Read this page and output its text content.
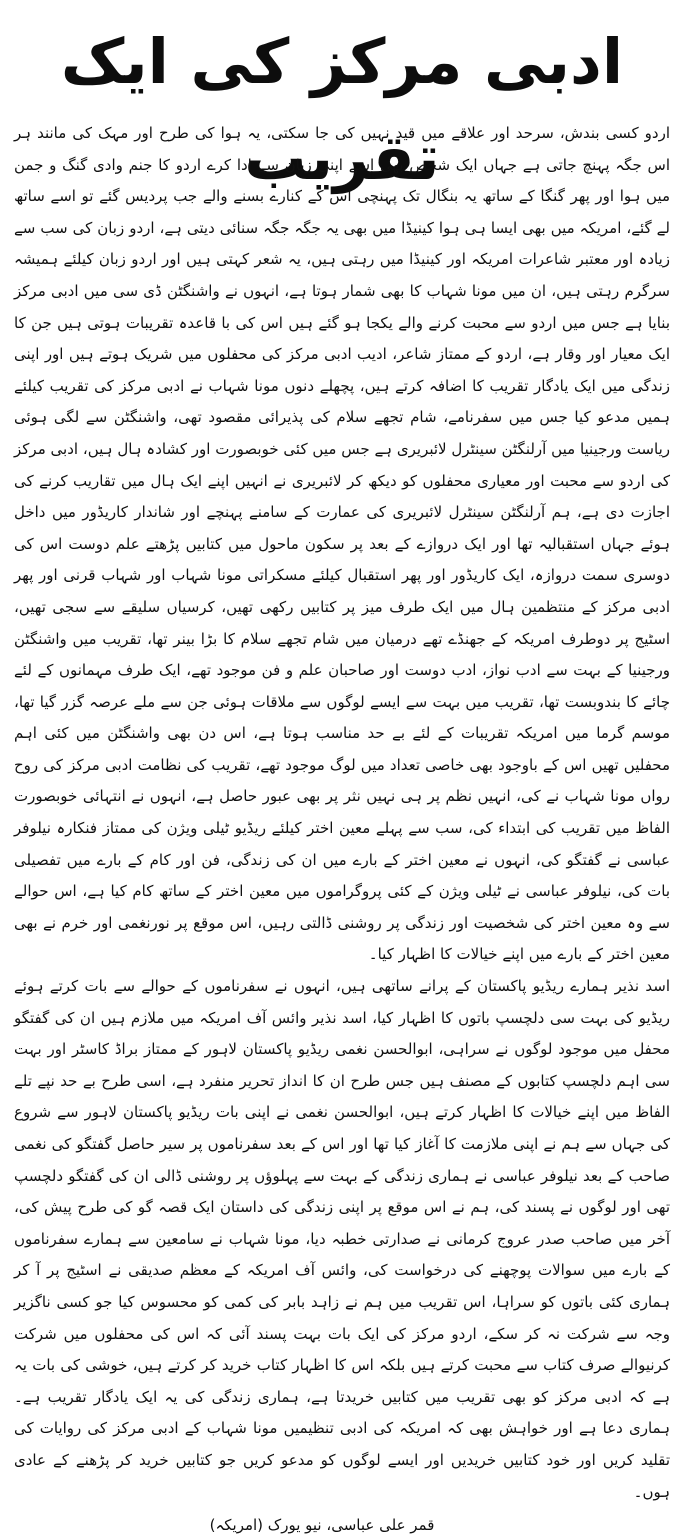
ادبی مرکز کی ایک تقریب

اردو کسی بندش، سرحد اور علاقے میں قید نہیں کی جا سکتی، یہ ہوا کی طرح اور مہک کی مانند ہر اس جگہ پہنچ جاتی ہے جہاں ایک شخص بھی اسے اپنی زبان سے ادا کرے اردو کا جنم وادی گنگ و جمن میں ہوا اور پھر گنگا کے ساتھ یہ بنگال تک پہنچی اس کے کنارے بسنے والے جب پردیس گئے تو اسے ساتھ لے گئے، امریکہ میں بھی ایسا ہی ہوا کینیڈا میں بھی یہ جگہ جگہ سنائی دیتی ہے، اردو زبان کی سب سے زیادہ اور معتبر شاعرات امریکہ اور کینیڈا میں رہتی ہیں، یہ شعر کہتی ہیں اور اردو زبان کیلئے ہمیشہ سرگرم رہتی ہیں، ان میں مونا شہاب کا بھی شمار ہوتا ہے، انہوں نے واشنگٹن ڈی سی میں ادبی مرکز بنایا ہے جس میں اردو سے محبت کرنے والے یکجا ہو گئے ہیں اس کی با قاعدہ تقریبات ہوتی ہیں جن کا ایک معیار اور وقار ہے، اردو کے ممتاز شاعر، ادیب ادبی مرکز کی محفلوں میں شریک ہوتے ہیں اور اپنی زندگی میں ایک یادگار تقریب کا اضافہ کرتے ہیں، پچھلے دنوں مونا شہاب نے ادبی مرکز کی تقریب کیلئے ہمیں مدعو کیا جس میں سفرنامے، شام تجھے سلام کی پذیرائی مقصود تھی، واشنگٹن سے لگی ہوئی ریاست ورجینیا میں آرلنگٹن سینٹرل لائبریری ہے جس میں کئی خوبصورت اور کشادہ ہال ہیں، ادبی مرکز کی اردو سے محبت اور معیاری محفلوں کو دیکھ کر لائبریری نے انہیں اپنے ایک ہال میں تقاریب کرنے کی اجازت دی ہے، ہم آرلنگٹن سینٹرل لائبریری کی عمارت کے سامنے پہنچے اور شاندار کاریڈور میں داخل ہوئے جہاں استقبالیہ تھا اور ایک دروازے کے بعد پر سکون ماحول میں کتابیں پڑھتے علم دوست اس کی دوسری سمت دروازہ، ایک کاریڈور اور پھر استقبال کیلئے مسکراتی مونا شہاب اور شہاب قرنی اور پھر ادبی مرکز کے منتظمین ہال میں ایک طرف میز پر کتابیں رکھی تھیں، کرسیاں سلیقے سے سجی تھیں، اسٹیج پر دوطرف امریکہ کے جھنڈے تھے درمیان میں شام تجھے سلام کا بڑا بینر تھا، تقریب میں واشنگٹن ورجینیا کے بہت سے ادب نواز، ادب دوست اور صاحبان علم و فن موجود تھے، ایک طرف مہمانوں کے لئے چائے کا بندوبست تھا، تقریب میں بہت سے ایسے لوگوں سے ملاقات ہوئی جن سے ملے عرصہ گزر گیا تھا، موسم گرما میں امریکہ تقریبات کے لئے بے حد مناسب ہوتا ہے، اس دن بھی واشنگٹن میں کئی اہم محفلیں تھیں اس کے باوجود بھی خاصی تعداد میں لوگ موجود تھے، تقریب کی نظامت ادبی مرکز کی روح رواں مونا شہاب نے کی، انہیں نظم پر ہی نہیں نثر پر بھی عبور حاصل ہے، انہوں نے انتہائی خوبصورت الفاظ میں تقریب کی ابتداء کی، سب سے پہلے معین اختر کیلئے ریڈیو ٹیلی ویژن کی ممتاز فنکارہ نیلوفر عباسی نے گفتگو کی، انہوں نے معین اختر کے بارے میں ان کی زندگی، فن اور کام کے بارے میں تفصیلی بات کی، نیلوفر عباسی نے ٹیلی ویژن کے کئی پروگراموں میں معین اختر کے ساتھ کام کیا ہے، اس حوالے سے وہ معین اختر کی شخصیت اور زندگی پر روشنی ڈالتی رہیں، اس موقع پر نورنغمی اور خرم نے بھی معین اختر کے بارے میں اپنے خیالات کا اظہار کیا۔

اسد نذیر ہمارے ریڈیو پاکستان کے پرانے ساتھی ہیں، انہوں نے سفرناموں کے حوالے سے بات کرتے ہوئے ریڈیو کی بہت سی دلچسپ باتوں کا اظہار کیا، اسد نذیر وائس آف امریکہ میں ملازم ہیں ان کی گفتگو محفل میں موجود لوگوں نے سراہی، ابوالحسن نغمی ریڈیو پاکستان لاہور کے ممتاز براڈ کاسٹر اور بہت سی اہم دلچسپ کتابوں کے مصنف ہیں جس طرح ان کا انداز تحریر منفرد ہے، اسی طرح بے حد نپے تلے الفاظ میں اپنے خیالات کا اظہار کرتے ہیں، ابوالحسن نغمی نے اپنی بات ریڈیو پاکستان لاہور سے شروع کی جہاں سے ہم نے اپنی ملازمت کا آغاز کیا تھا اور اس کے بعد سفرناموں پر سیر حاصل گفتگو کی نغمی صاحب کے بعد نیلوفر عباسی نے ہماری زندگی کے بہت سے پہلوؤں پر روشنی ڈالی ان کی گفتگو دلچسپ تھی اور لوگوں نے پسند کی، ہم نے اس موقع پر اپنی زندگی کی داستان ایک قصہ گو کی طرح پیش کی، آخر میں صاحب صدر عروج کرمانی نے صدارتی خطبہ دیا، مونا شہاب نے سامعین سے ہمارے سفرناموں کے بارے میں سوالات پوچھنے کی درخواست کی، وائس آف امریکہ کے معظم صدیقی نے اسٹیج پر آ کر ہماری کئی باتوں کو سراہا، اس تقریب میں ہم نے زاہد بابر کی کمی کو محسوس کیا جو کسی ناگزیر وجہ سے شرکت نہ کر سکے، اردو مرکز کی ایک بات بہت پسند آئی کہ اس کی محفلوں میں شرکت کرنیوالے صرف کتاب سے محبت کرتے ہیں بلکہ اس کا اظہار کتاب خرید کر کرتے ہیں، خوشی کی بات یہ ہے کہ ادبی مرکز کو بھی تقریب میں کتابیں خریدتا ہے، ہماری زندگی کی یہ ایک یادگار تقریب ہے۔ ہماری دعا ہے اور خواہش بھی کہ امریکہ کی ادبی تنظیمیں مونا شہاب کے ادبی مرکز کی روایات کی تقلید کریں اور خود کتابیں خریدیں اور ایسے لوگوں کو مدعو کریں جو کتابیں خرید کر پڑھنے کے عادی ہوں۔

قمر علی عباسی، نیو یورک (امریکہ)
